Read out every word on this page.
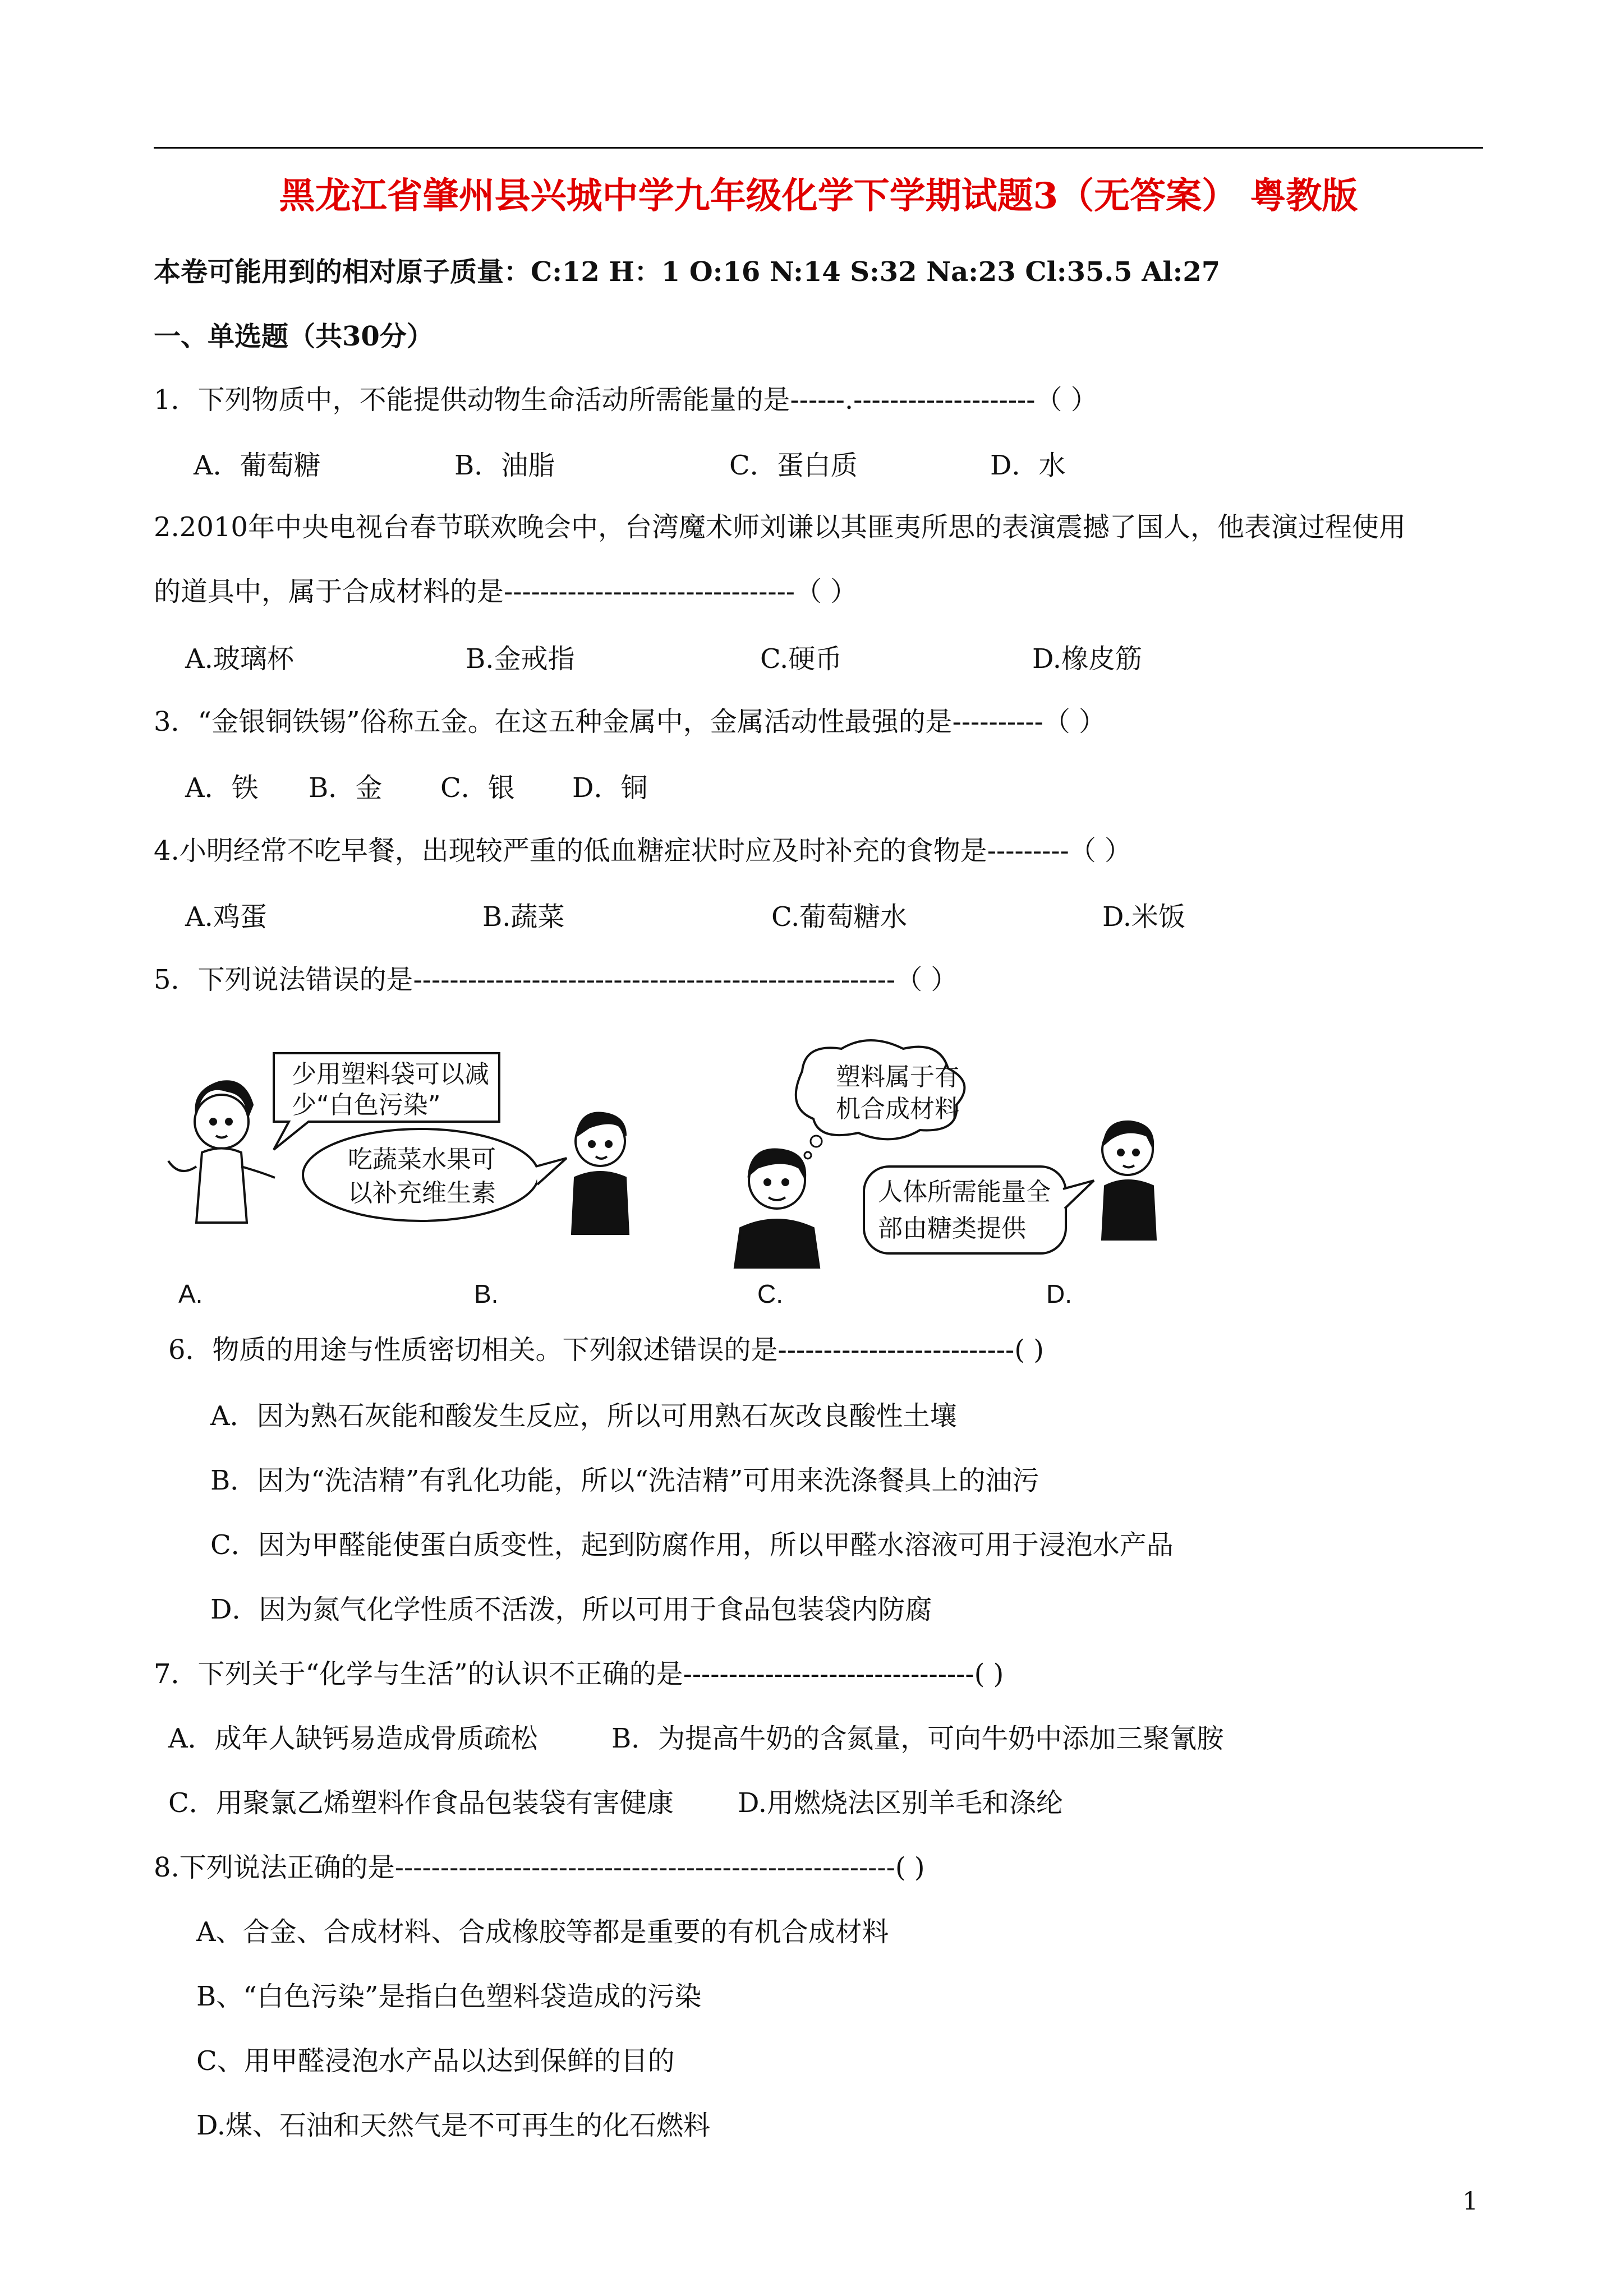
黑龙江省肇州县兴城中学九年级化学下学期试题3（无答案） 粤教版
本卷可能用到的相对原子质量：C:12 H：1 O:16 N:14 S:32 Na:23 Cl:35.5 Al:27
一、单选题（共30分）
1．下列物质中，不能提供动物生命活动所需能量的是------.--------------------（ ）
A．葡萄糖	B．油脂	C．蛋白质	D．水
2.2010年中央电视台春节联欢晚会中，台湾魔术师刘谦以其匪夷所思的表演震撼了国人，他表演过程使用
的道具中，属于合成材料的是--------------------------------（ ）
A.玻璃杯	B.金戒指	C.硬币	D.橡皮筋
3．“金银铜铁锡”俗称五金。在这五种金属中，金属活动性最强的是----------（ ）
A．铁 B．金 C．银 D．铜
4.小明经常不吃早餐，出现较严重的低血糖症状时应及时补充的食物是---------（ ）
A.鸡蛋	B.蔬菜	C.葡萄糖水	D.米饭
5．下列说法错误的是-----------------------------------------------------（ ）
少用塑料袋可以减
少“白色污染”
吃蔬菜水果可
以补充维生素
塑料属于有
机合成材料
人体所需能量全
部由糖类提供
A.	B.	C.	D.
6．物质的用途与性质密切相关。下列叙述错误的是--------------------------( )
A．因为熟石灰能和酸发生反应，所以可用熟石灰改良酸性土壤
B．因为“洗洁精”有乳化功能，所以“洗洁精”可用来洗涤餐具上的油污
C．因为甲醛能使蛋白质变性，起到防腐作用，所以甲醛水溶液可用于浸泡水产品
D．因为氮气化学性质不活泼，所以可用于食品包装袋内防腐
7．下列关于“化学与生活”的认识不正确的是--------------------------------( )
A．成年人缺钙易造成骨质疏松	B．为提高牛奶的含氮量，可向牛奶中添加三聚氰胺
C．用聚氯乙烯塑料作食品包装袋有害健康 D.用燃烧法区别羊毛和涤纶
8.下列说法正确的是-------------------------------------------------------( )
A、合金、合成材料、合成橡胶等都是重要的有机合成材料
B、“白色污染”是指白色塑料袋造成的污染
C、用甲醛浸泡水产品以达到保鲜的目的
D.煤、石油和天然气是不可再生的化石燃料
1
